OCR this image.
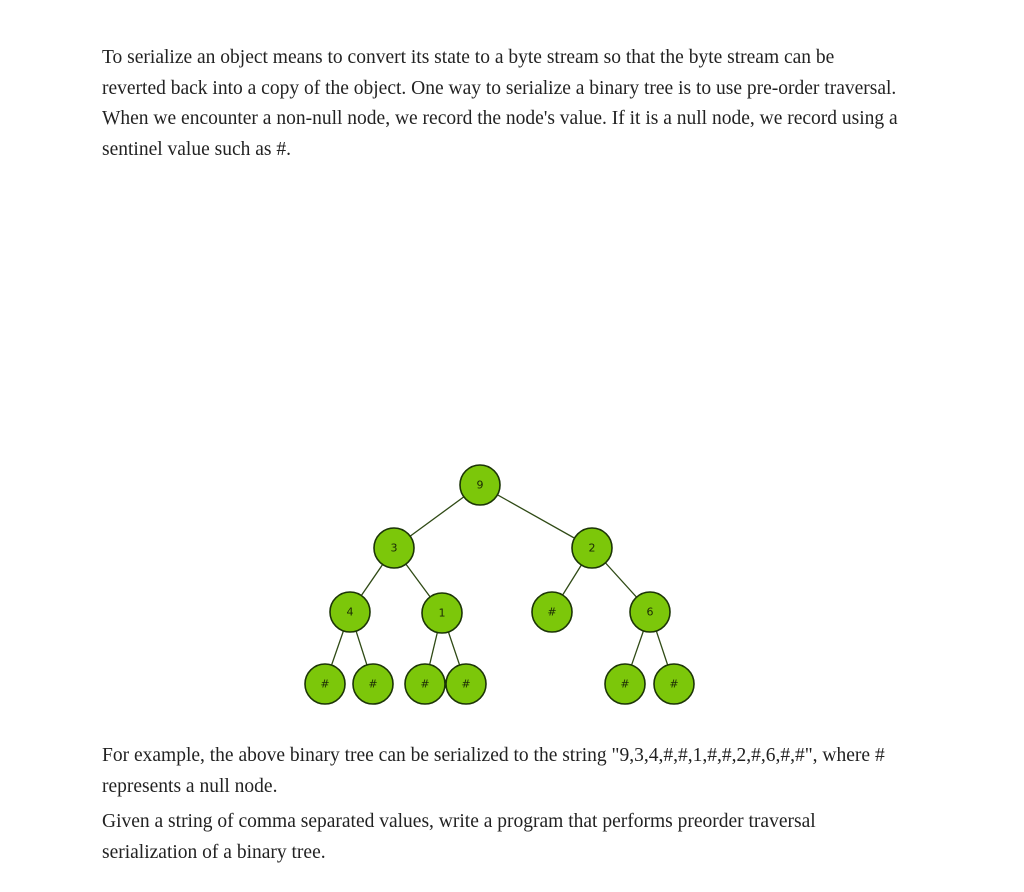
To serialize an object means to convert its state to a byte stream so that the byte stream can be reverted back into a copy of the object. One way to serialize a binary tree is to use pre-order traversal. When we encounter a non-null node, we record the node's value. If it is a null node, we record using a sentinel value such as #.

9
3	2
4	1	#	6
#	#	#	#	#	#

For example, the above binary tree can be serialized to the string "9,3,4,#,#,1,#,#,2,#,6,#,#", where # represents a null node.

Given a string of comma separated values, write a program that performs preorder traversal serialization of a binary tree.
